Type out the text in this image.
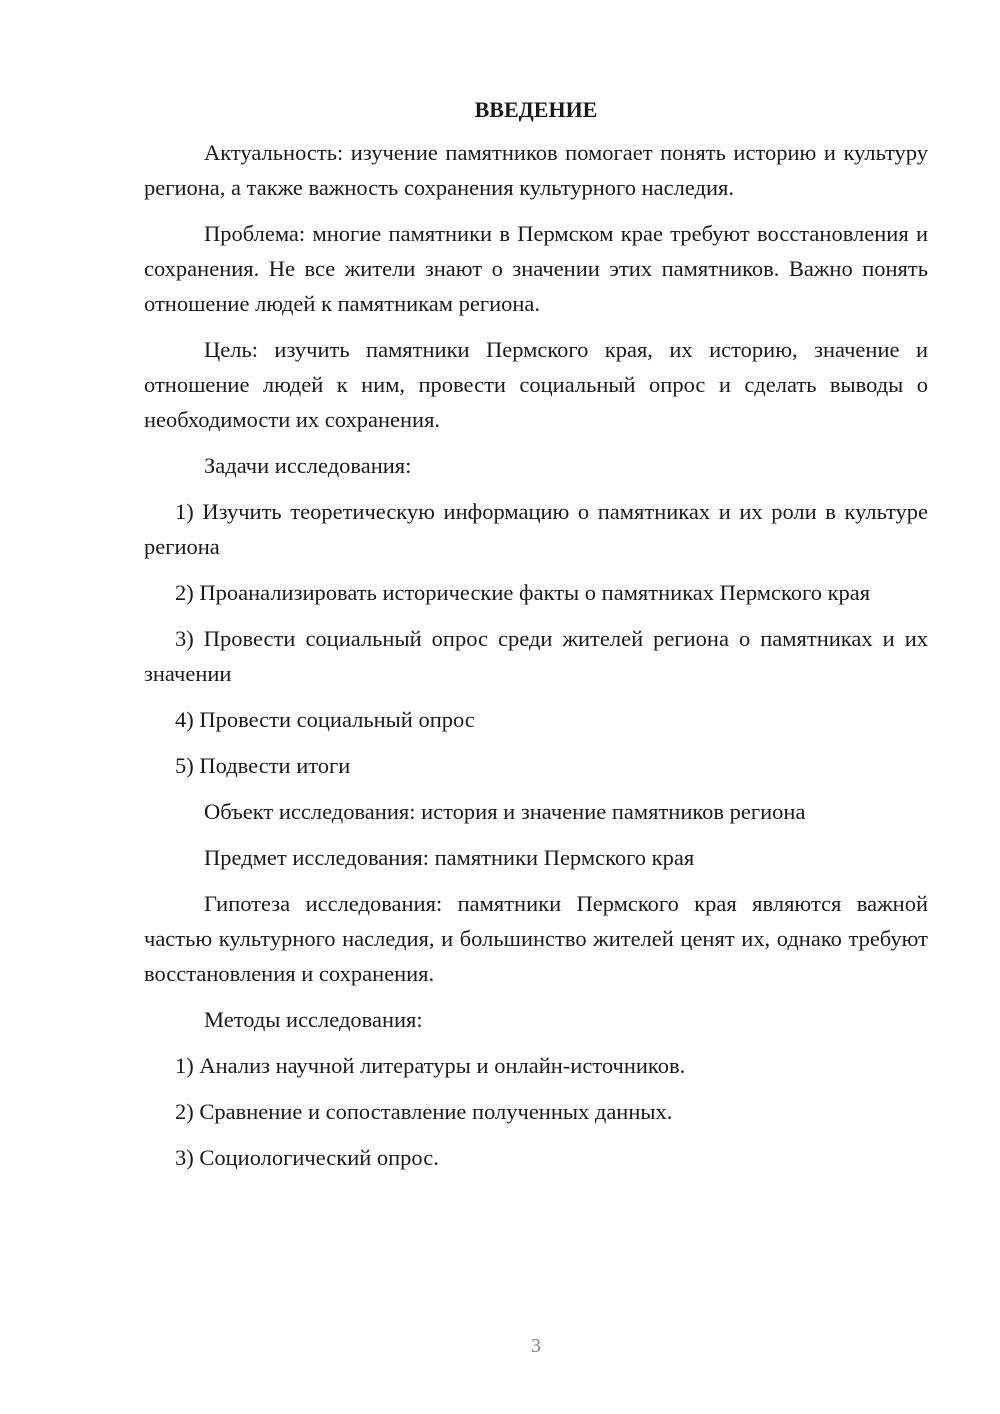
ВВЕДЕНИЕ

Актуальность: изучение памятников помогает понять историю и культуру региона, а также важность сохранения культурного наследия.

Проблема: многие памятники в Пермском крае требуют восстановления и сохранения. Не все жители знают о значении этих памятников. Важно понять отношение людей к памятникам региона.

Цель: изучить памятники Пермского края, их историю, значение и отношение людей к ним, провести социальный опрос и сделать выводы о необходимости их сохранения.

Задачи исследования:

1) Изучить теоретическую информацию о памятниках и их роли в культуре региона

2) Проанализировать исторические факты о памятниках Пермского края

3) Провести социальный опрос среди жителей региона о памятниках и их значении

4) Провести социальный опрос

5) Подвести итоги

Объект исследования: история и значение памятников региона

Предмет исследования: памятники Пермского края

Гипотеза исследования: памятники Пермского края являются важной частью культурного наследия, и большинство жителей ценят их, однако требуют восстановления и сохранения.

Методы исследования:

1) Анализ научной литературы и онлайн-источников.

2) Сравнение и сопоставление полученных данных.

3) Социологический опрос.

3
